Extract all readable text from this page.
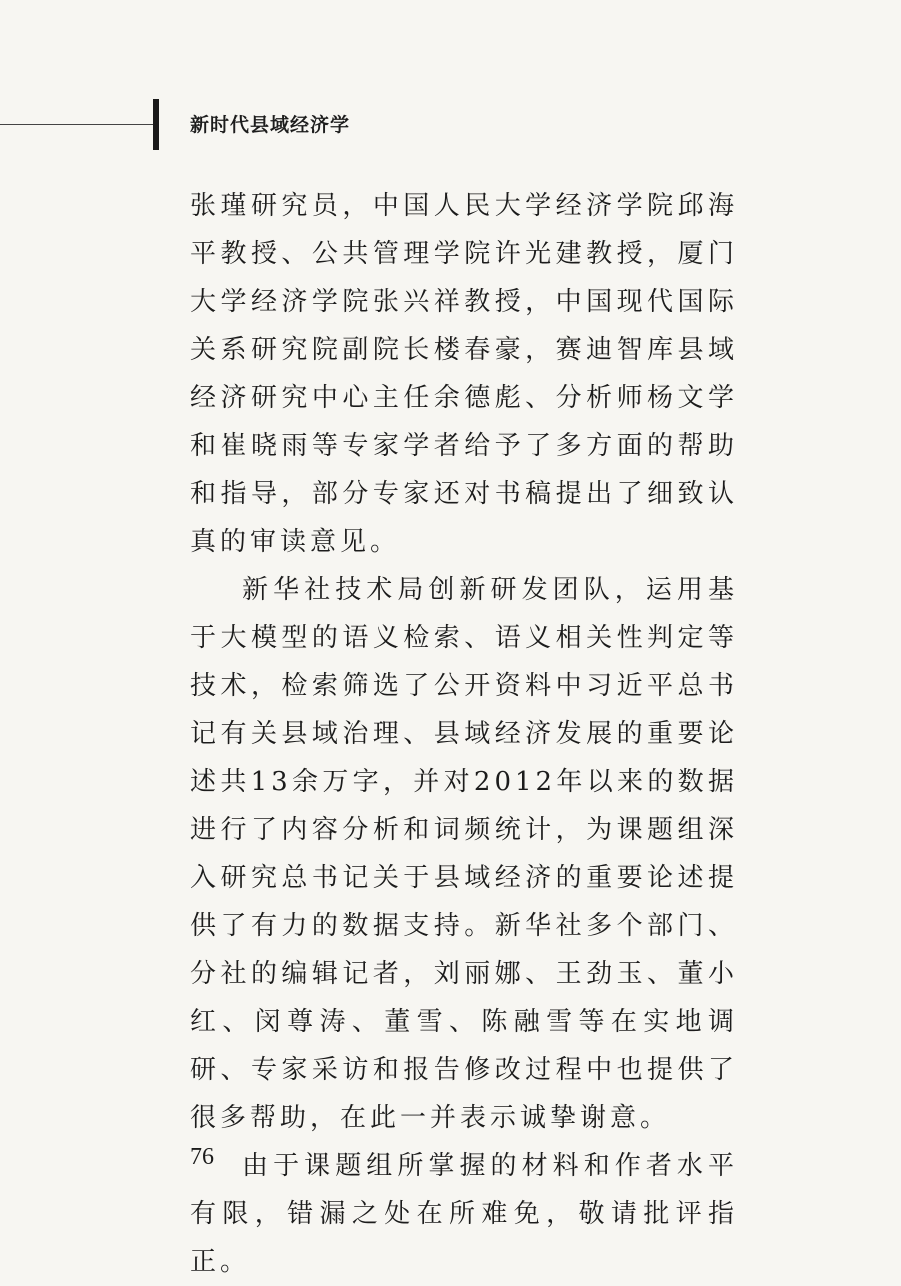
新时代县域经济学

张瑾研究员，中国人民大学经济学院邱海平教授、公共管理学院许光建教授，厦门大学经济学院张兴祥教授，中国现代国际关系研究院副院长楼春豪，赛迪智库县域经济研究中心主任余德彪、分析师杨文学和崔晓雨等专家学者给予了多方面的帮助和指导，部分专家还对书稿提出了细致认真的审读意见。

新华社技术局创新研发团队，运用基于大模型的语义检索、语义相关性判定等技术，检索筛选了公开资料中习近平总书记有关县域治理、县域经济发展的重要论述共13余万字，并对2012年以来的数据进行了内容分析和词频统计，为课题组深入研究总书记关于县域经济的重要论述提供了有力的数据支持。新华社多个部门、分社的编辑记者，刘丽娜、王劲玉、董小红、闵尊涛、董雪、陈融雪等在实地调研、专家采访和报告修改过程中也提供了很多帮助，在此一并表示诚挚谢意。

由于课题组所掌握的材料和作者水平有限，错漏之处在所难免，敬请批评指正。

76
